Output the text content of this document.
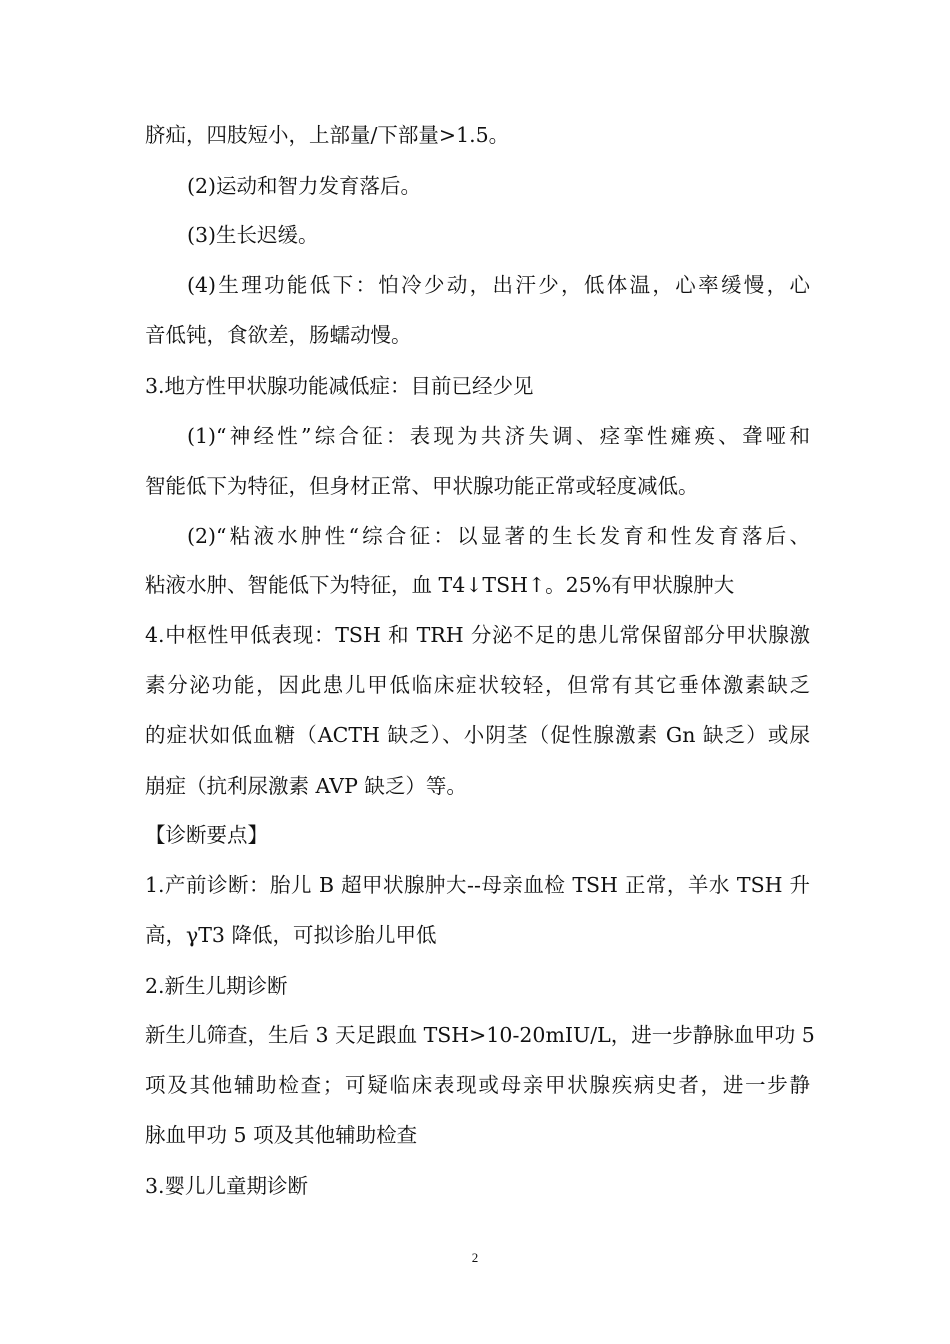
脐疝，四肢短小，上部量/下部量>1.5。
(2)运动和智力发育落后。
(3)生长迟缓。
(4)生理功能低下：怕冷少动，出汗少，低体温，心率缓慢，心
音低钝，食欲差，肠蠕动慢。
3.地方性甲状腺功能减低症：目前已经少见
(1)“神经性”综合征：表现为共济失调、痉挛性瘫痪、聋哑和
智能低下为特征，但身材正常、甲状腺功能正常或轻度减低。
(2)“粘液水肿性“综合征：以显著的生长发育和性发育落后、
粘液水肿、智能低下为特征，血 T4↓TSH↑。25%有甲状腺肿大
4.中枢性甲低表现：TSH 和 TRH 分泌不足的患儿常保留部分甲状腺激
素分泌功能，因此患儿甲低临床症状较轻，但常有其它垂体激素缺乏
的症状如低血糖（ACTH 缺乏）、小阴茎（促性腺激素 Gn 缺乏）或尿
崩症（抗利尿激素 AVP 缺乏）等。
【诊断要点】
1.产前诊断：胎儿 B 超甲状腺肿大--母亲血检 TSH 正常，羊水 TSH 升
高，γT3 降低，可拟诊胎儿甲低
2.新生儿期诊断
新生儿筛查，生后 3 天足跟血 TSH>10-20mIU/L，进一步静脉血甲功 5
项及其他辅助检查；可疑临床表现或母亲甲状腺疾病史者，进一步静
脉血甲功 5 项及其他辅助检查
3.婴儿儿童期诊断
2
